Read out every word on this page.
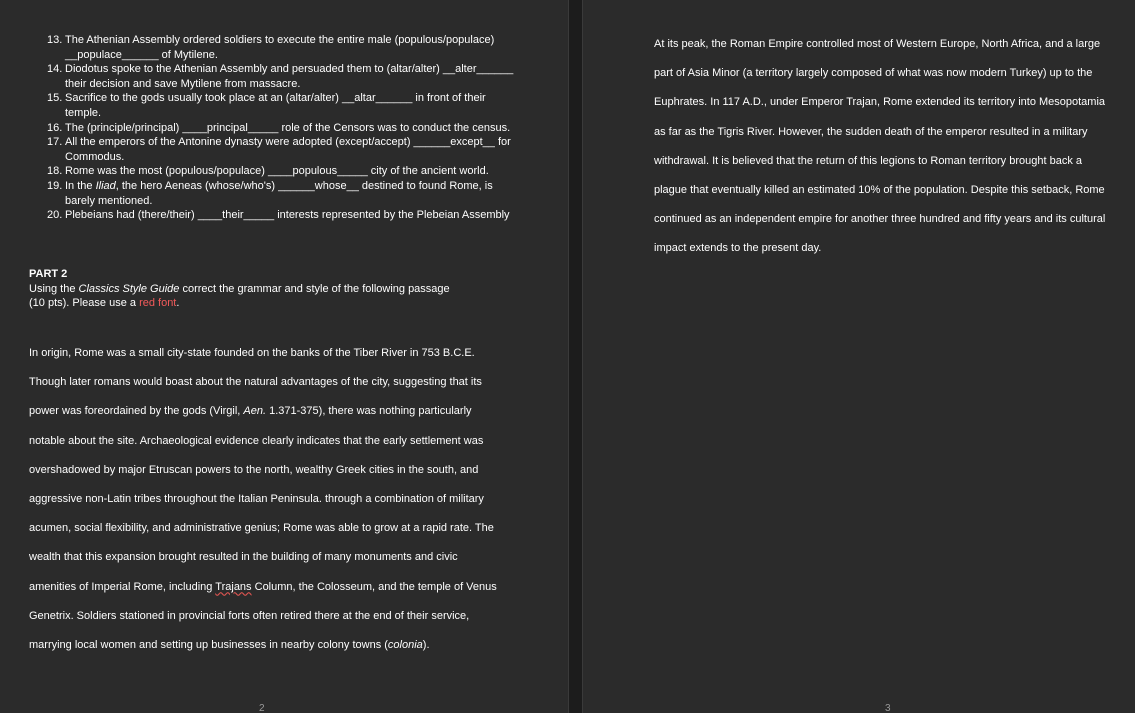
13. The Athenian Assembly ordered soldiers to execute the entire male (populous/populace) __populace______ of Mytilene.
14. Diodotus spoke to the Athenian Assembly and persuaded them to (altar/alter) __alter______ their decision and save Mytilene from massacre.
15. Sacrifice to the gods usually took place at an (altar/alter) __altar______ in front of their temple.
16. The (principle/principal) ____principal_____ role of the Censors was to conduct the census.
17. All the emperors of the Antonine dynasty were adopted (except/accept) ______except__ for Commodus.
18. Rome was the most (populous/populace) ____populous_____ city of the ancient world.
19. In the Iliad, the hero Aeneas (whose/who's) ______whose__ destined to found Rome, is barely mentioned.
20. Plebeians had (there/their) ____their_____ interests represented by the Plebeian Assembly
PART 2
Using the Classics Style Guide correct the grammar and style of the following passage
(10 pts). Please use a red font.

In origin, Rome was a small city-state founded on the banks of the Tiber River in 753 B.C.E.

Though later romans would boast about the natural advantages of the city, suggesting that its

power was foreordained by the gods (Virgil, Aen. 1.371-375), there was nothing particularly

notable about the site. Archaeological evidence clearly indicates that the early settlement was

overshadowed by major Etruscan powers to the north, wealthy Greek cities in the south, and

aggressive non-Latin tribes throughout the Italian Peninsula. through a combination of military

acumen, social flexibility, and administrative genius; Rome was able to grow at a rapid rate. The

wealth that this expansion brought resulted in the building of many monuments and civic

amenities of Imperial Rome, including Trajans Column, the Colosseum, and the temple of Venus

Genetrix. Soldiers stationed in provincial forts often retired there at the end of their service,

marrying local women and setting up businesses in nearby colony towns (colonia).

2	3

At its peak, the Roman Empire controlled most of Western Europe, North Africa, and a large

part of Asia Minor (a territory largely composed of what was now modern Turkey) up to the

Euphrates. In 117 A.D., under Emperor Trajan, Rome extended its territory into Mesopotamia

as far as the Tigris River. However, the sudden death of the emperor resulted in a military

withdrawal. It is believed that the return of this legions to Roman territory brought back a

plague that eventually killed an estimated 10% of the population. Despite this setback, Rome

continued as an independent empire for another three hundred and fifty years and its cultural

impact extends to the present day.
